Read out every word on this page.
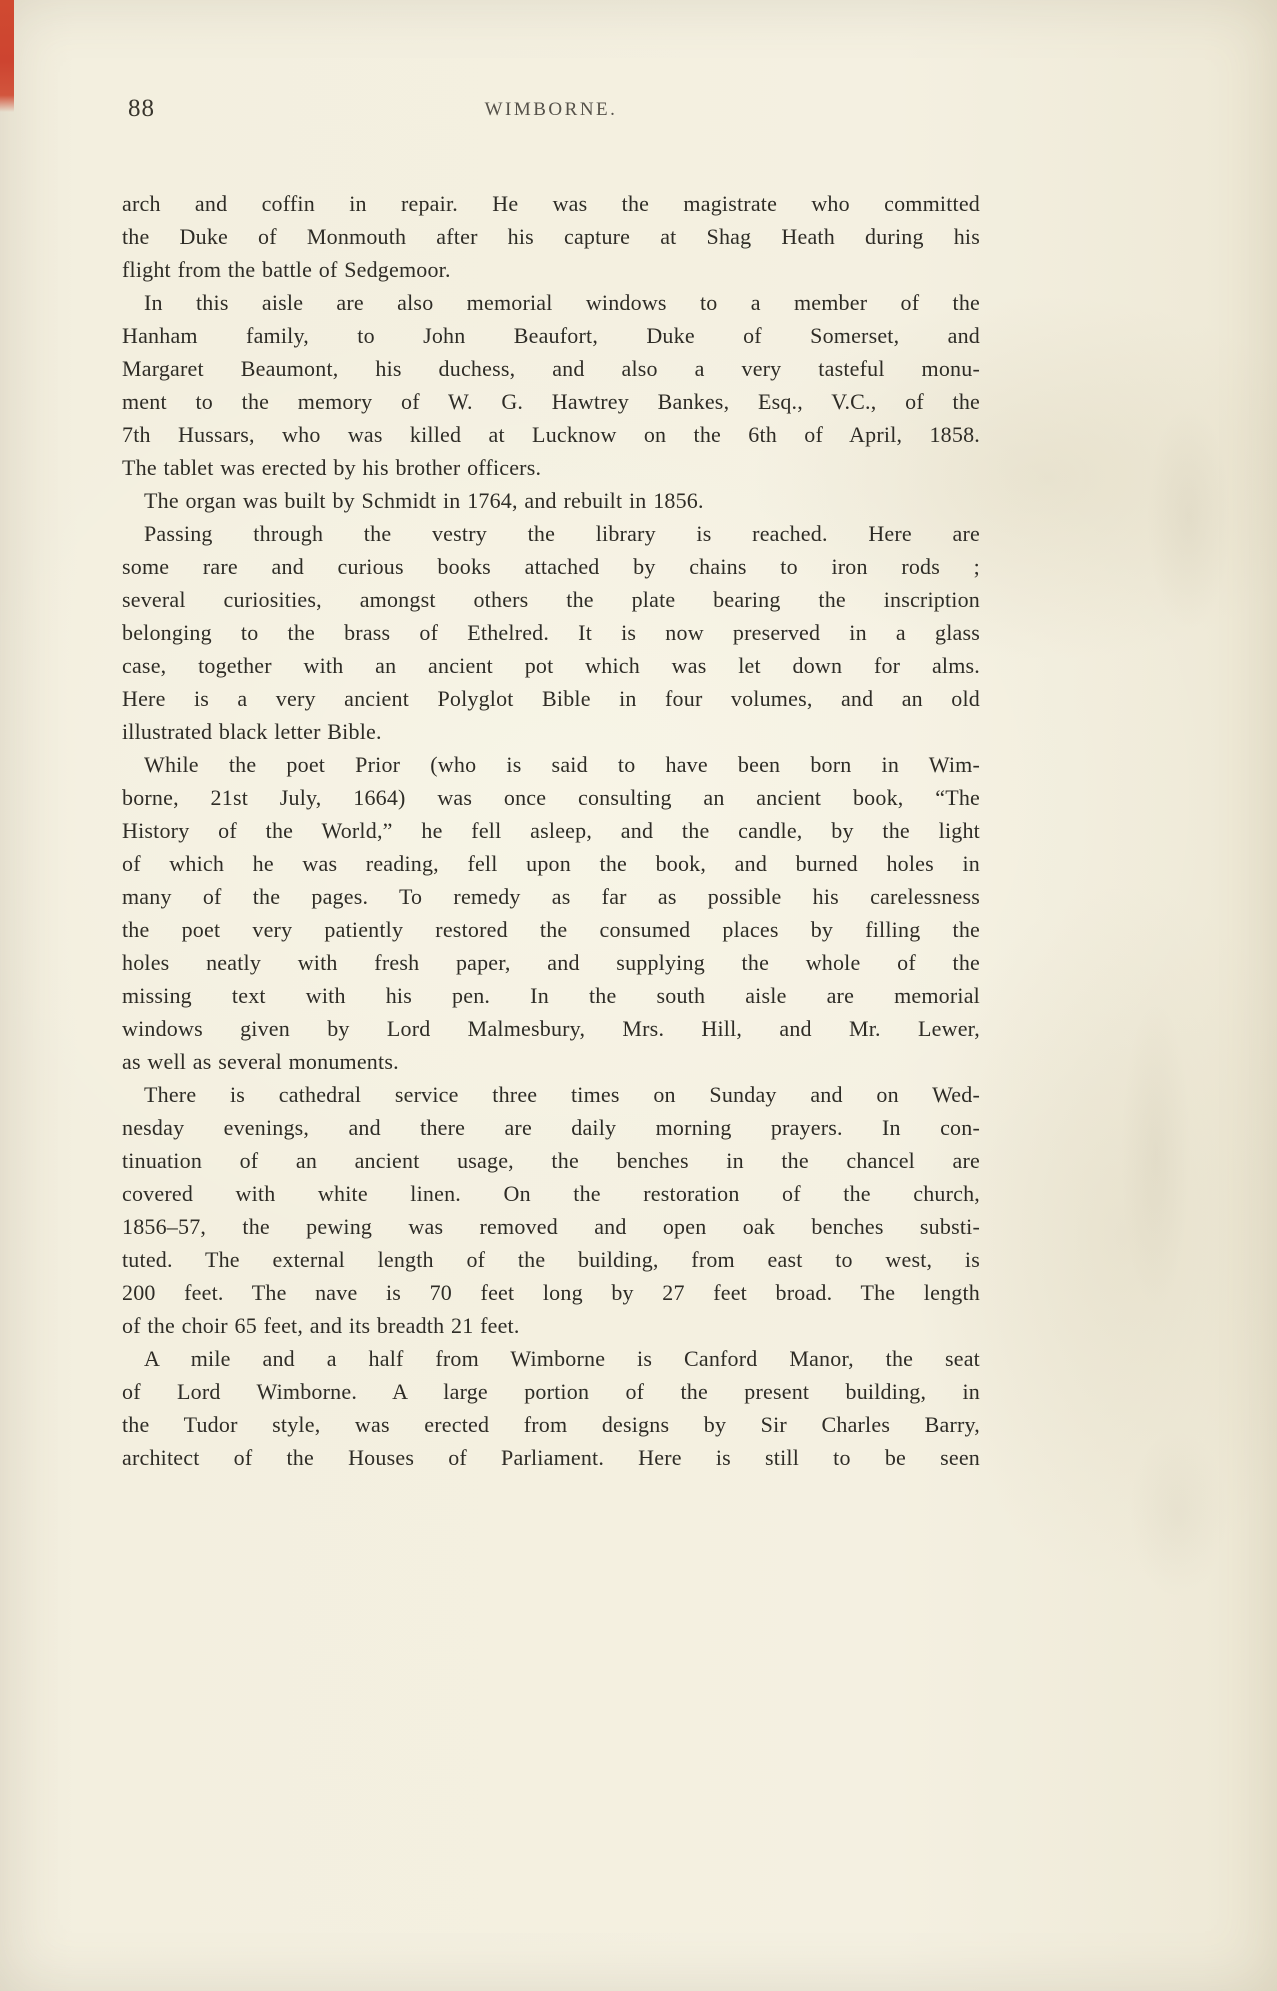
88	WIMBORNE.
arch and coffin in repair. He was the magistrate who committed
the Duke of Monmouth after his capture at Shag Heath during his
flight from the battle of Sedgemoor.
In this aisle are also memorial windows to a member of the
Hanham family, to John Beaufort, Duke of Somerset, and
Margaret Beaumont, his duchess, and also a very tasteful monu-
ment to the memory of W. G. Hawtrey Bankes, Esq., V.C., of the
7th Hussars, who was killed at Lucknow on the 6th of April, 1858.
The tablet was erected by his brother officers.
The organ was built by Schmidt in 1764, and rebuilt in 1856.
Passing through the vestry the library is reached. Here are
some rare and curious books attached by chains to iron rods ;
several curiosities, amongst others the plate bearing the inscription
belonging to the brass of Ethelred. It is now preserved in a glass
case, together with an ancient pot which was let down for alms.
Here is a very ancient Polyglot Bible in four volumes, and an old
illustrated black letter Bible.
While the poet Prior (who is said to have been born in Wim-
borne, 21st July, 1664) was once consulting an ancient book, “The
History of the World,” he fell asleep, and the candle, by the light
of which he was reading, fell upon the book, and burned holes in
many of the pages. To remedy as far as possible his carelessness
the poet very patiently restored the consumed places by filling the
holes neatly with fresh paper, and supplying the whole of the
missing text with his pen. In the south aisle are memorial
windows given by Lord Malmesbury, Mrs. Hill, and Mr. Lewer,
as well as several monuments.
There is cathedral service three times on Sunday and on Wed-
nesday evenings, and there are daily morning prayers. In con-
tinuation of an ancient usage, the benches in the chancel are
covered with white linen. On the restoration of the church,
1856–57, the pewing was removed and open oak benches substi-
tuted. The external length of the building, from east to west, is
200 feet. The nave is 70 feet long by 27 feet broad. The length
of the choir 65 feet, and its breadth 21 feet.
A mile and a half from Wimborne is Canford Manor, the seat
of Lord Wimborne. A large portion of the present building, in
the Tudor style, was erected from designs by Sir Charles Barry,
architect of the Houses of Parliament. Here is still to be seen
